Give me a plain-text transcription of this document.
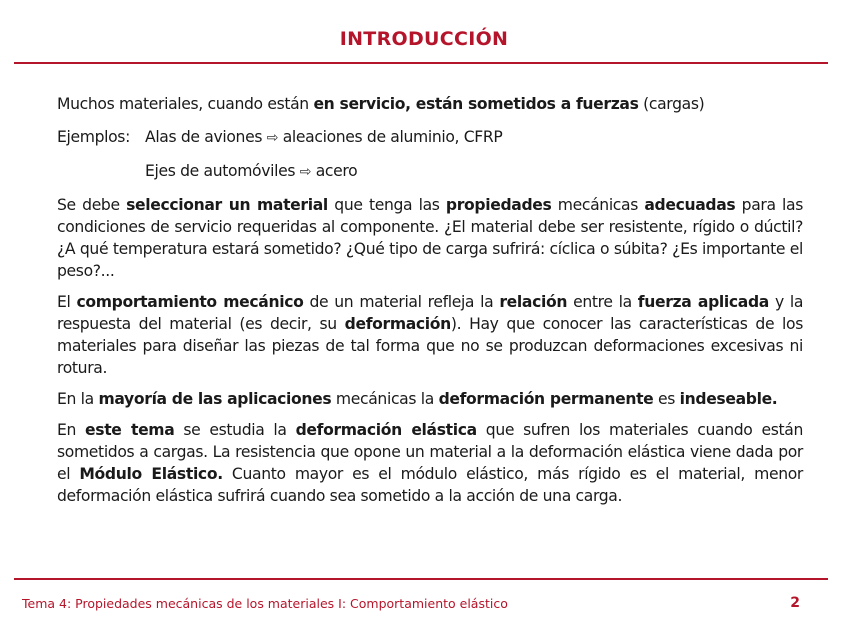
INTRODUCCIÓN
Muchos materiales, cuando están en servicio, están sometidos a fuerzas (cargas)
Ejemplos: Alas de aviones ⇨ aleaciones de aluminio, CFRP
Ejes de automóviles ⇨ acero
Se debe seleccionar un material que tenga las propiedades mecánicas adecuadas para las condiciones de servicio requeridas al componente. ¿El material debe ser resistente, rígido o dúctil? ¿A qué temperatura estará sometido? ¿Qué tipo de carga sufrirá: cíclica o súbita? ¿Es importante el peso?...
El comportamiento mecánico de un material refleja la relación entre la fuerza aplicada y la respuesta del material (es decir, su deformación). Hay que conocer las características de los materiales para diseñar las piezas de tal forma que no se produzcan deformaciones excesivas ni rotura.
En la mayoría de las aplicaciones mecánicas la deformación permanente es indeseable.
En este tema se estudia la deformación elástica que sufren los materiales cuando están sometidos a cargas. La resistencia que opone un material a la deformación elástica viene dada por el Módulo Elástico. Cuanto mayor es el módulo elástico, más rígido es el material, menor deformación elástica sufrirá cuando sea sometido a la acción de una carga.
Tema 4: Propiedades mecánicas de los materiales I: Comportamiento elástico	2
